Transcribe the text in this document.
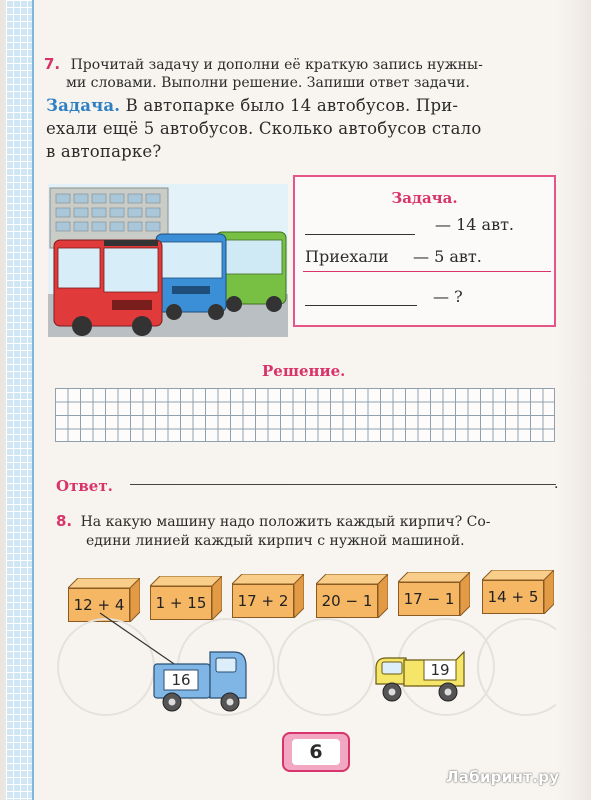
7. Прочитай задачу и дополни её краткую запись нужны-
ми словами. Выполни решение. Запиши ответ задачи.
Задача. В автопарке было 14 автобусов. При-
ехали ещё 5 автобусов. Сколько автобусов стало
в автопарке?
Задача.
— 14 авт.
Приехали — 5 авт.
— ?
Решение.
Ответ.	.
8. На какую машину надо положить каждый кирпич? Со-
едини линией каждый кирпич с нужной машиной.
12 + 4	1 + 15	17 + 2	20 − 1	17 − 1	14 + 5
16
19
6
Лабиринт.ру
